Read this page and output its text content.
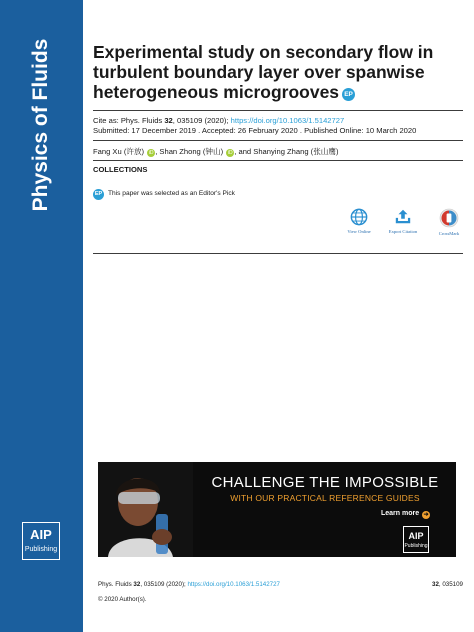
Physics of Fluids
AIP
Publishing
Experimental study on secondary flow in turbulent boundary layer over spanwise heterogeneous microgrooves EP
Cite as: Phys. Fluids 32, 035109 (2020); https://doi.org/10.1063/1.5142727
Submitted: 17 December 2019 . Accepted: 26 February 2020 . Published Online: 10 March 2020
Fang Xu (许放) iD , Shan Zhong (钟山) iD , and Shanying Zhang (张山鹰)
COLLECTIONS
EP This paper was selected as an Editor's Pick
View Online	Export Citation	CrossMark
CHALLENGE THE IMPOSSIBLE
WITH OUR PRACTICAL REFERENCE GUIDES
Learn more ➔
AIP
Publishing
Phys. Fluids 32, 035109 (2020); https://doi.org/10.1063/1.5142727	32, 035109
© 2020 Author(s).
